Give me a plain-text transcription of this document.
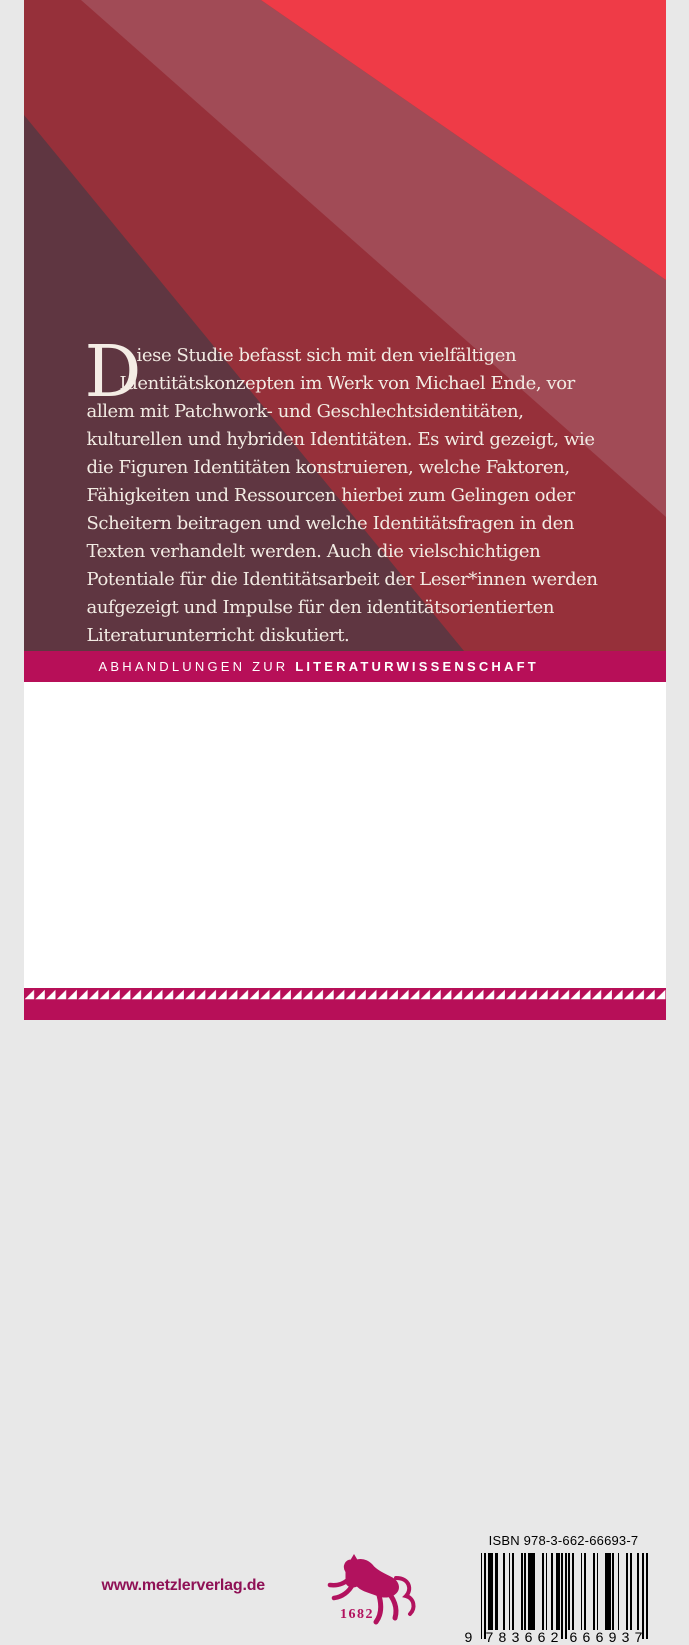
D
iese Studie befasst sich mit den vielfältigen
Identitätskonzepten im Werk von Michael Ende, vor
allem mit Patchwork- und Geschlechtsidentitäten,
kulturellen und hybriden Identitäten. Es wird gezeigt, wie
die Figuren Identitäten konstruieren, welche Faktoren,
Fähigkeiten und Ressourcen hierbei zum Gelingen oder
Scheitern beitragen und welche Identitätsfragen in den
Texten verhandelt werden. Auch die vielschichtigen
Potentiale für die Identitätsarbeit der Leser*innen werden
aufgezeigt und Impulse für den identitätsorientierten
Literaturunterricht diskutiert.
ABHANDLUNGEN ZUR LITERATURWISSENSCHAFT
www.metzlerverlag.de
1682
ISBN 978-3-662-66693-7
9 7 8 3 6 6 2 6 6 6 9 3 7
